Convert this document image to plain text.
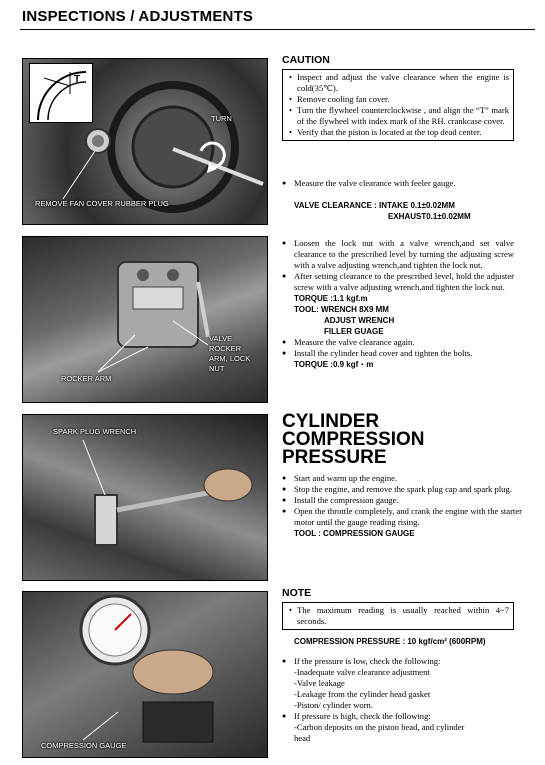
INSPECTIONS / ADJUSTMENTS
T
TURN
REMOVE FAN COVER RUBBER PLUG
VALVE
ROCKER
ARM, LOCK
NUT
ROCKER ARM
SPARK PLUG WRENCH
COMPRESSION GAUGE
CAUTION
• Inspect and adjust the valve clearance when the engine is cold(35℃).
• Remove cooling fan cover.
• Turn the flywheel counterclockwise , and align the “T” mark of the flywheel with index mark of the RH. crankcase cover.
• Verify that the piston is located at the top dead center.
● Measure the valve clearance with feeler gauge.
VALVE CLEARANCE : INTAKE 0.1±0.02MM
EXHAUST0.1±0.02MM
● Loosen the lock nut with a valve wrench,and set valve clearance to the prescribed level by turning the adjusting screw with a valve adjusting wrench,and tighten the lock nut.
● After setting clearance to the prescribed level, hold the adjuster screw with a valve adjusting wrench,and tighten the lock nut.
TORQUE :1.1 kgf.m
TOOL: WRENCH 8X9 MM
ADJUST WRENCH
FILLER GUAGE
● Measure the valve clearance again.
● Install the cylinder head cover and tighten the bolts.
TORQUE :0.9 kgf・m
CYLINDER COMPRESSION
PRESSURE
● Start and warm up the engine.
● Stop the engine, and remove the spark plug cap and spark plug.
● Install the compression gauge.
● Open the throttle completely, and crank the engine with the starter motor until the gauge reading rising.
TOOL : COMPRESSION GAUGE
NOTE
• The maximum reading is usually reached within 4~7 seconds.
COMPRESSION PRESSURE : 10 kgf/cm² (600RPM)
● If the pressure is low, check the following:
-Inadequate valve clearance adjustment
-Valve leakage
-Leakage from the cylinder head gasket
-Piston/ cylinder worn.
● If pressure is high, check the following:
-Carbon deposits on the piston head, and cylinder
head
